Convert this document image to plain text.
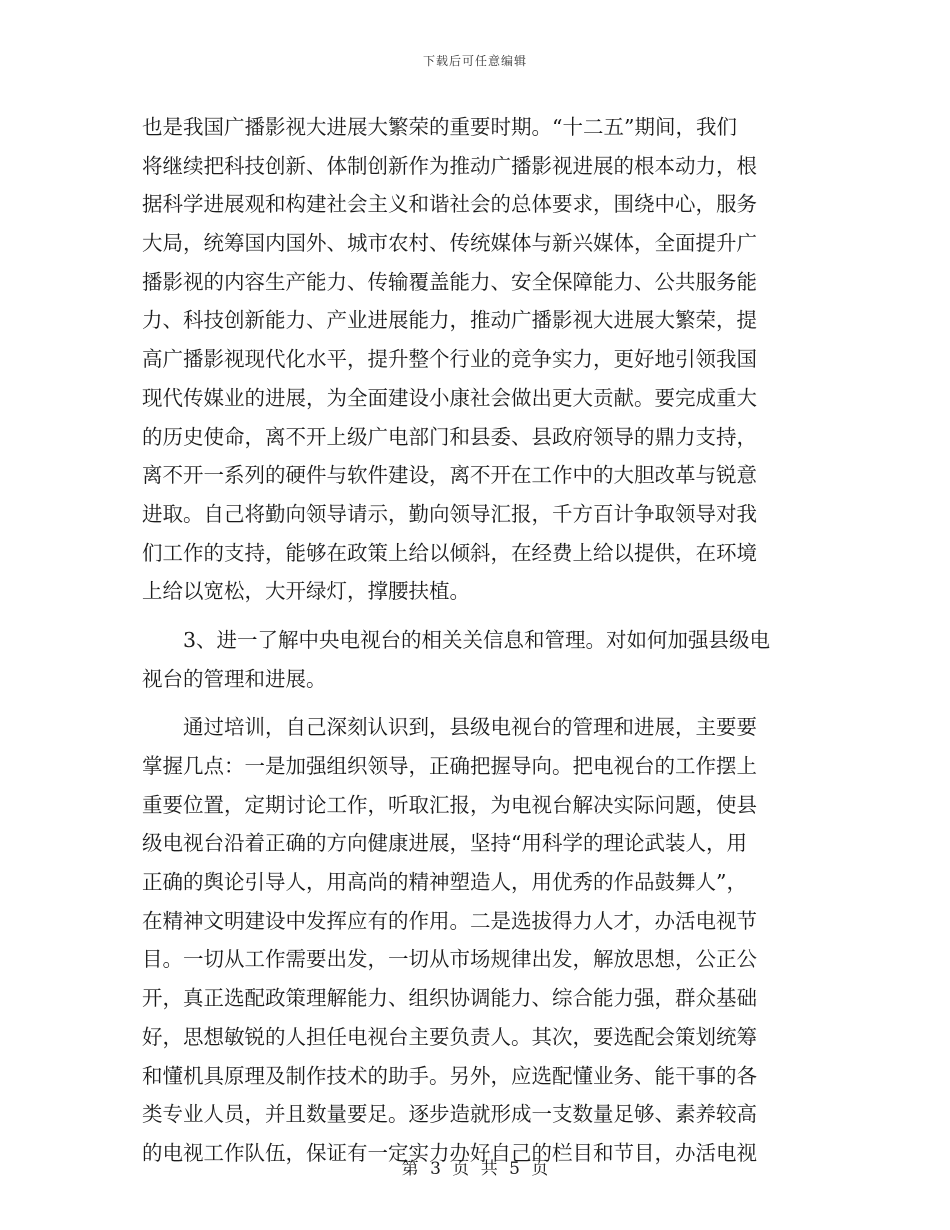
下载后可任意编辑
也是我国广播影视大进展大繁荣的重要时期。“十二五”期间，我们
将继续把科技创新、体制创新作为推动广播影视进展的根本动力，根
据科学进展观和构建社会主义和谐社会的总体要求，围绕中心，服务
大局，统筹国内国外、城市农村、传统媒体与新兴媒体，全面提升广
播影视的内容生产能力、传输覆盖能力、安全保障能力、公共服务能
力、科技创新能力、产业进展能力，推动广播影视大进展大繁荣，提
高广播影视现代化水平，提升整个行业的竞争实力，更好地引领我国
现代传媒业的进展，为全面建设小康社会做出更大贡献。要完成重大
的历史使命，离不开上级广电部门和县委、县政府领导的鼎力支持，
离不开一系列的硬件与软件建设，离不开在工作中的大胆改革与锐意
进取。自己将勤向领导请示，勤向领导汇报，千方百计争取领导对我
们工作的支持，能够在政策上给以倾斜，在经费上给以提供，在环境
上给以宽松，大开绿灯，撑腰扶植。
3、进一了解中央电视台的相关关信息和管理。对如何加强县级电
视台的管理和进展。
通过培训，自己深刻认识到，县级电视台的管理和进展，主要要
掌握几点：一是加强组织领导，正确把握导向。把电视台的工作摆上
重要位置，定期讨论工作，听取汇报，为电视台解决实际问题，使县
级电视台沿着正确的方向健康进展，坚持“用科学的理论武装人，用
正确的舆论引导人，用高尚的精神塑造人，用优秀的作品鼓舞人”，
在精神文明建设中发挥应有的作用。二是选拔得力人才，办活电视节
目。一切从工作需要出发，一切从市场规律出发，解放思想，公正公
开，真正选配政策理解能力、组织协调能力、综合能力强，群众基础
好，思想敏锐的人担任电视台主要负责人。其次，要选配会策划统筹
和懂机具原理及制作技术的助手。另外，应选配懂业务、能干事的各
类专业人员，并且数量要足。逐步造就形成一支数量足够、素养较高
的电视工作队伍，保证有一定实力办好自己的栏目和节目，办活电视
第 3 页 共 5 页
